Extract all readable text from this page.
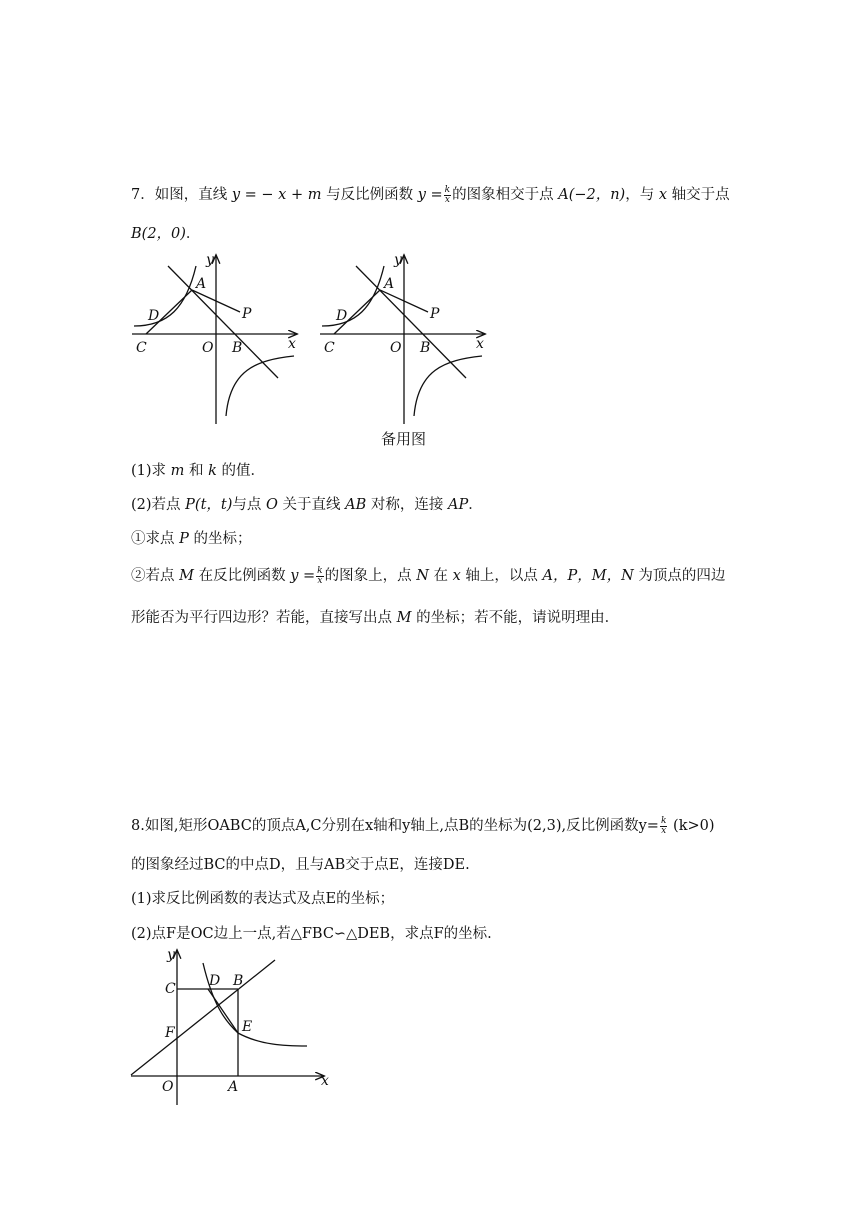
7．如图，直线 y = − x + m 与反比例函数 $y = \frac{k}{x}$ 的图象相交于点 A(−2，n)，与 x 轴交于点
B(2，0)．
y
x
A
D	P
C	O B
y
x
A
D	P
C	O B
备用图
(1)求 m 和 k 的值．
(2)若点 P(t，t)与点 O 关于直线 AB 对称，连接 AP．
①求点 P 的坐标；
②若点 M 在反比例函数 $y = \frac{k}{x}$ 的图象上，点 N 在 x 轴上，以点 A，P，M，N 为顶点的四边
形能否为平行四边形？若能，直接写出点 M 的坐标；若不能，请说明理由．
8.如图,矩形OABC的顶点A,C分别在x轴和y轴上,点B的坐标为(2,3),反比例函数$y= \frac{k}{x} (k>0)$
的图象经过BC的中点D，且与AB交于点E，连接DE.
(1)求反比例函数的表达式及点E的坐标；
(2)点F是OC边上一点,若△FBC∽△DEB，求点F的坐标.
y
x
C D B
F	E
O	A
